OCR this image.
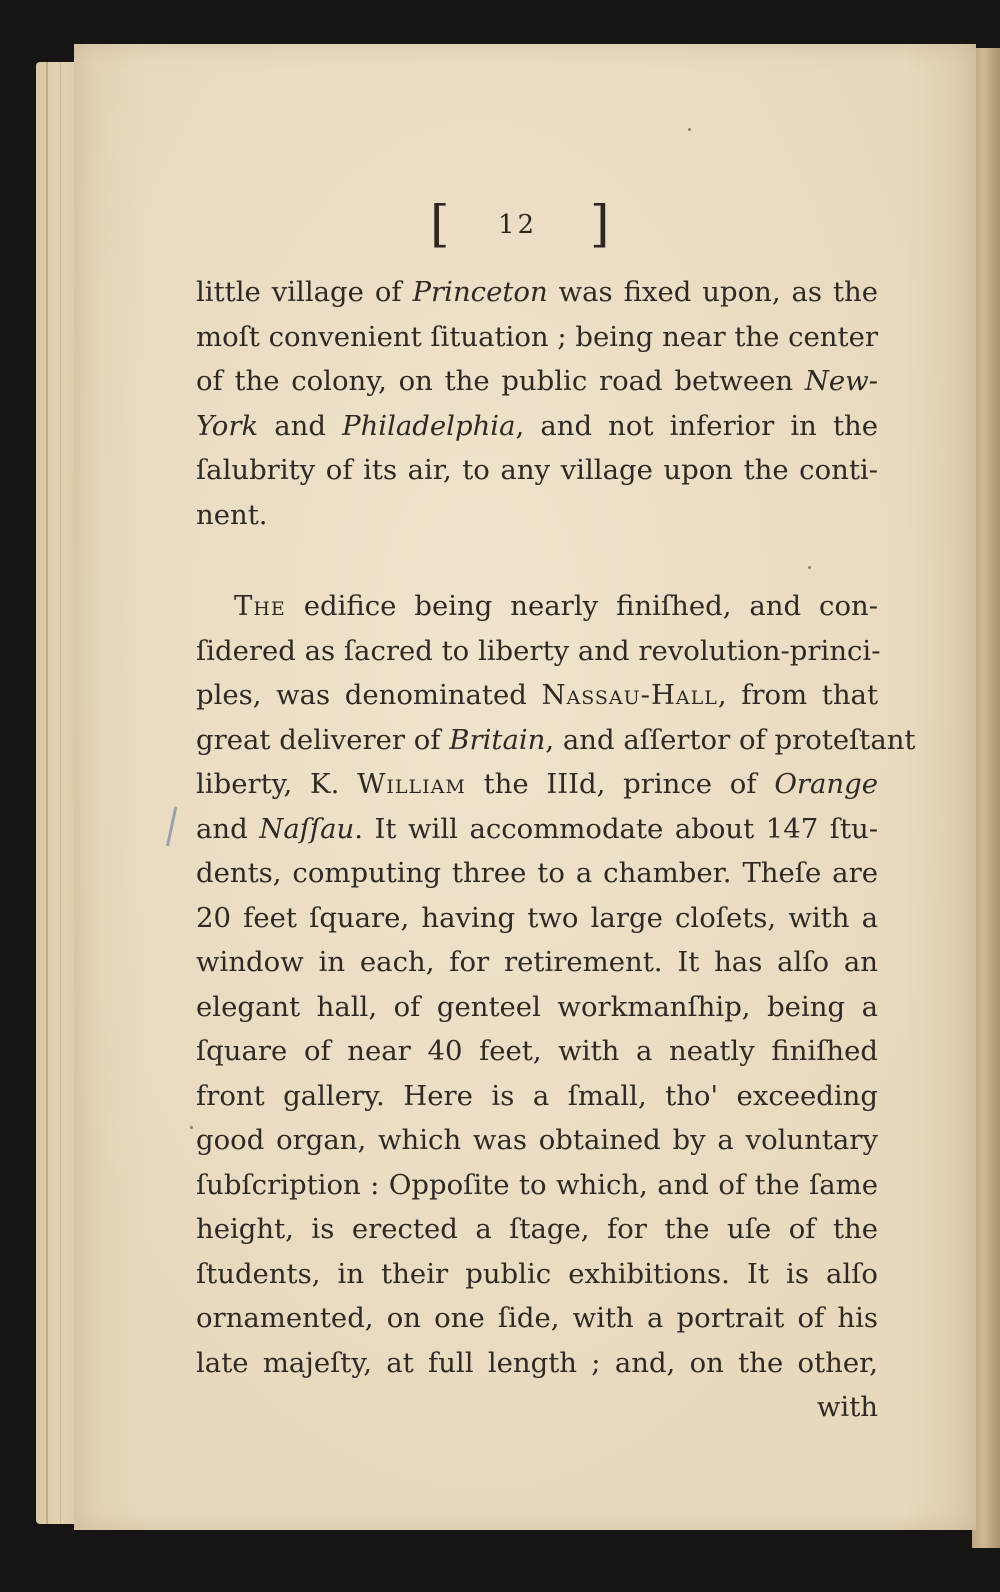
[ 12 ]
little village of Princeton was fixed upon, as the
moſt convenient ſituation ; being near the center
of the colony, on the public road between New-
York and Philadelphia, and not inferior in the
ſalubrity of its air, to any village upon the conti-
nent.
The edifice being nearly finiſhed, and con-
ſidered as ſacred to liberty and revolution-princi-
ples, was denominated Nassau-Hall, from that
great deliverer of Britain, and aſſertor of proteſtant
liberty, K. William the IIId, prince of Orange
and Naſſau. It will accommodate about 147 ſtu-
dents, computing three to a chamber. Theſe are
20 feet ſquare, having two large cloſets, with a
window in each, for retirement. It has alſo an
elegant hall, of genteel workmanſhip, being a
ſquare of near 40 feet, with a neatly finiſhed
front gallery. Here is a ſmall, tho' exceeding
good organ, which was obtained by a voluntary
ſubſcription : Oppoſite to which, and of the ſame
height, is erected a ſtage, for the uſe of the
ſtudents, in their public exhibitions. It is alſo
ornamented, on one ſide, with a portrait of his
late majeſty, at full length ; and, on the other,
with
